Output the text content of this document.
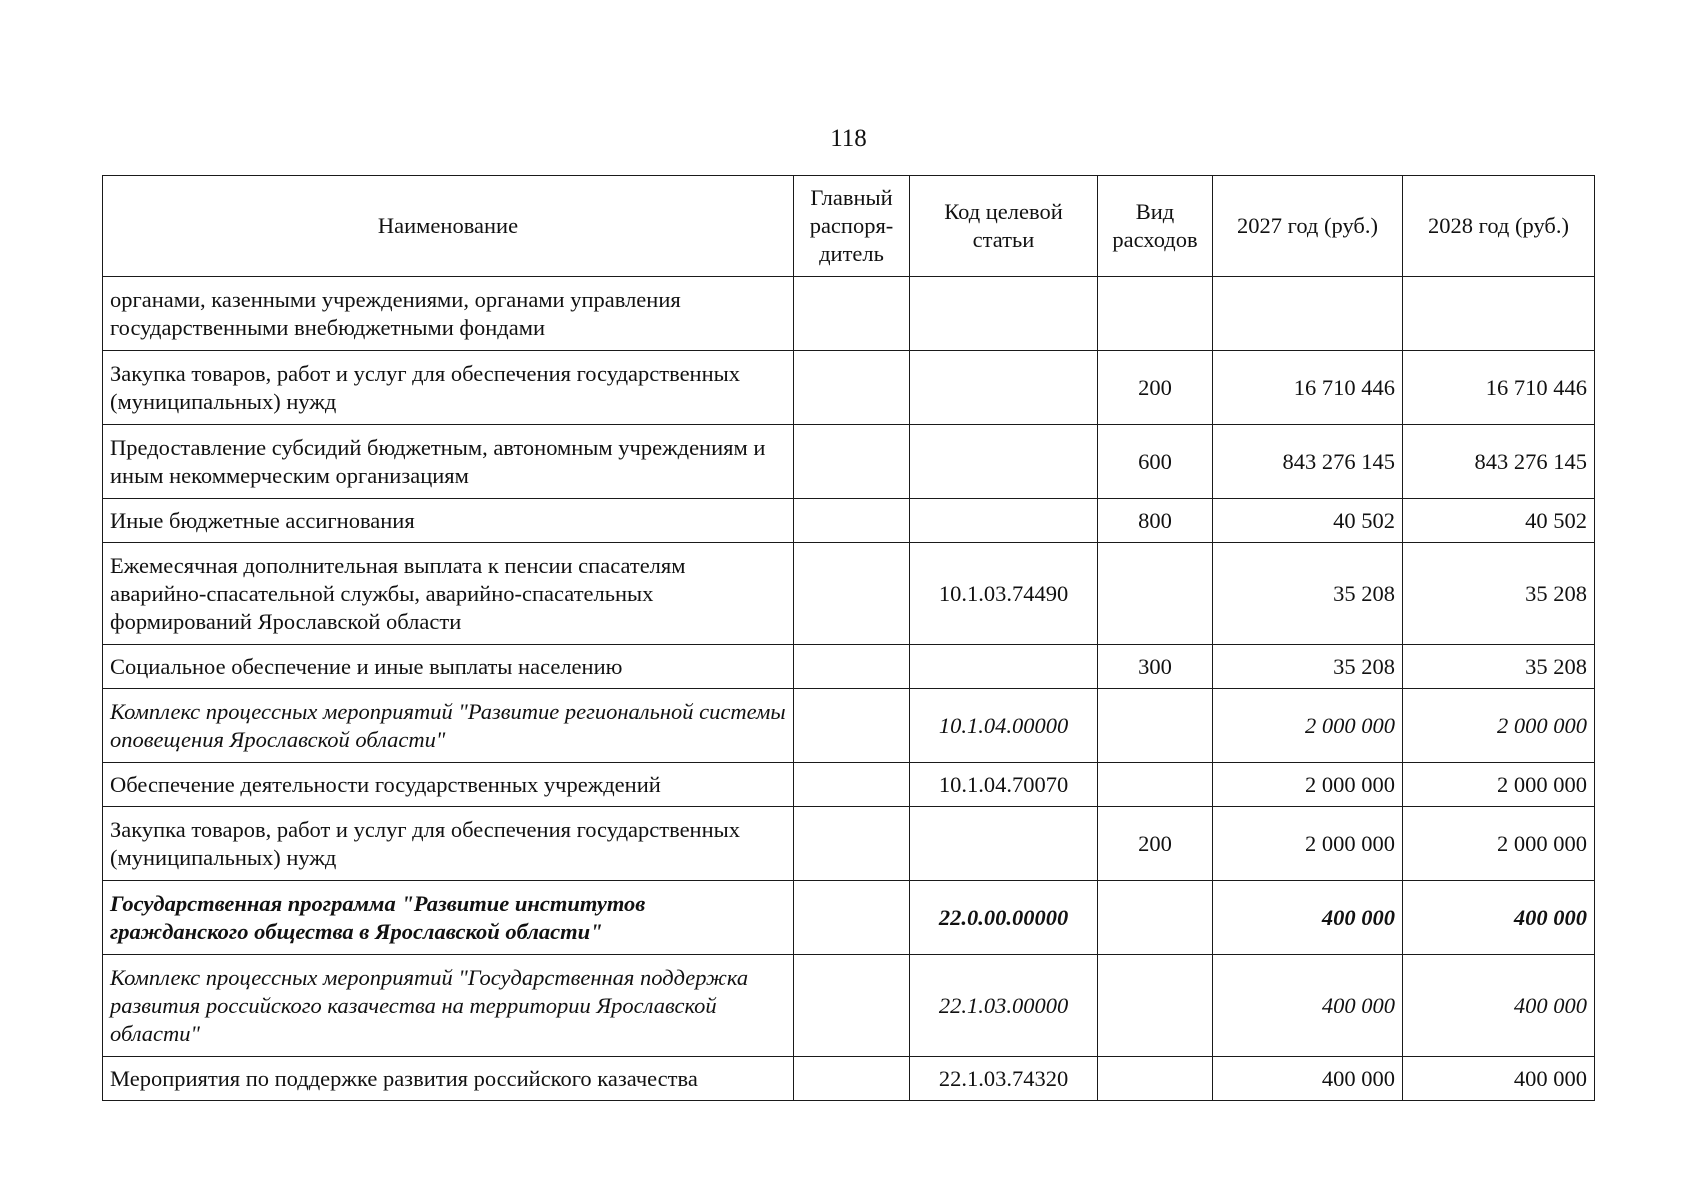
118
Наименование	Главный распоря-дитель	Код целевой статьи	Вид расходов	2027 год (руб.)	2028 год (руб.)
органами, казенными учреждениями, органами управления государственными внебюджетными фондами					
Закупка товаров, работ и услуг для обеспечения государственных (муниципальных) нужд			200	16 710 446	16 710 446
Предоставление субсидий бюджетным, автономным учреждениям и иным некоммерческим организациям			600	843 276 145	843 276 145
Иные бюджетные ассигнования			800	40 502	40 502
Ежемесячная дополнительная выплата к пенсии спасателям аварийно-спасательной службы, аварийно-спасательных формирований Ярославской области		10.1.03.74490		35 208	35 208
Социальное обеспечение и иные выплаты населению			300	35 208	35 208
Комплекс процессных мероприятий "Развитие региональной системы оповещения Ярославской области"		10.1.04.00000		2 000 000	2 000 000
Обеспечение деятельности государственных учреждений		10.1.04.70070		2 000 000	2 000 000
Закупка товаров, работ и услуг для обеспечения государственных (муниципальных) нужд			200	2 000 000	2 000 000
Государственная программа "Развитие институтов гражданского общества в Ярославской области"		22.0.00.00000		400 000	400 000
Комплекс процессных мероприятий "Государственная поддержка развития российского казачества на территории Ярославской области"		22.1.03.00000		400 000	400 000
Мероприятия по поддержке развития российского казачества		22.1.03.74320		400 000	400 000
